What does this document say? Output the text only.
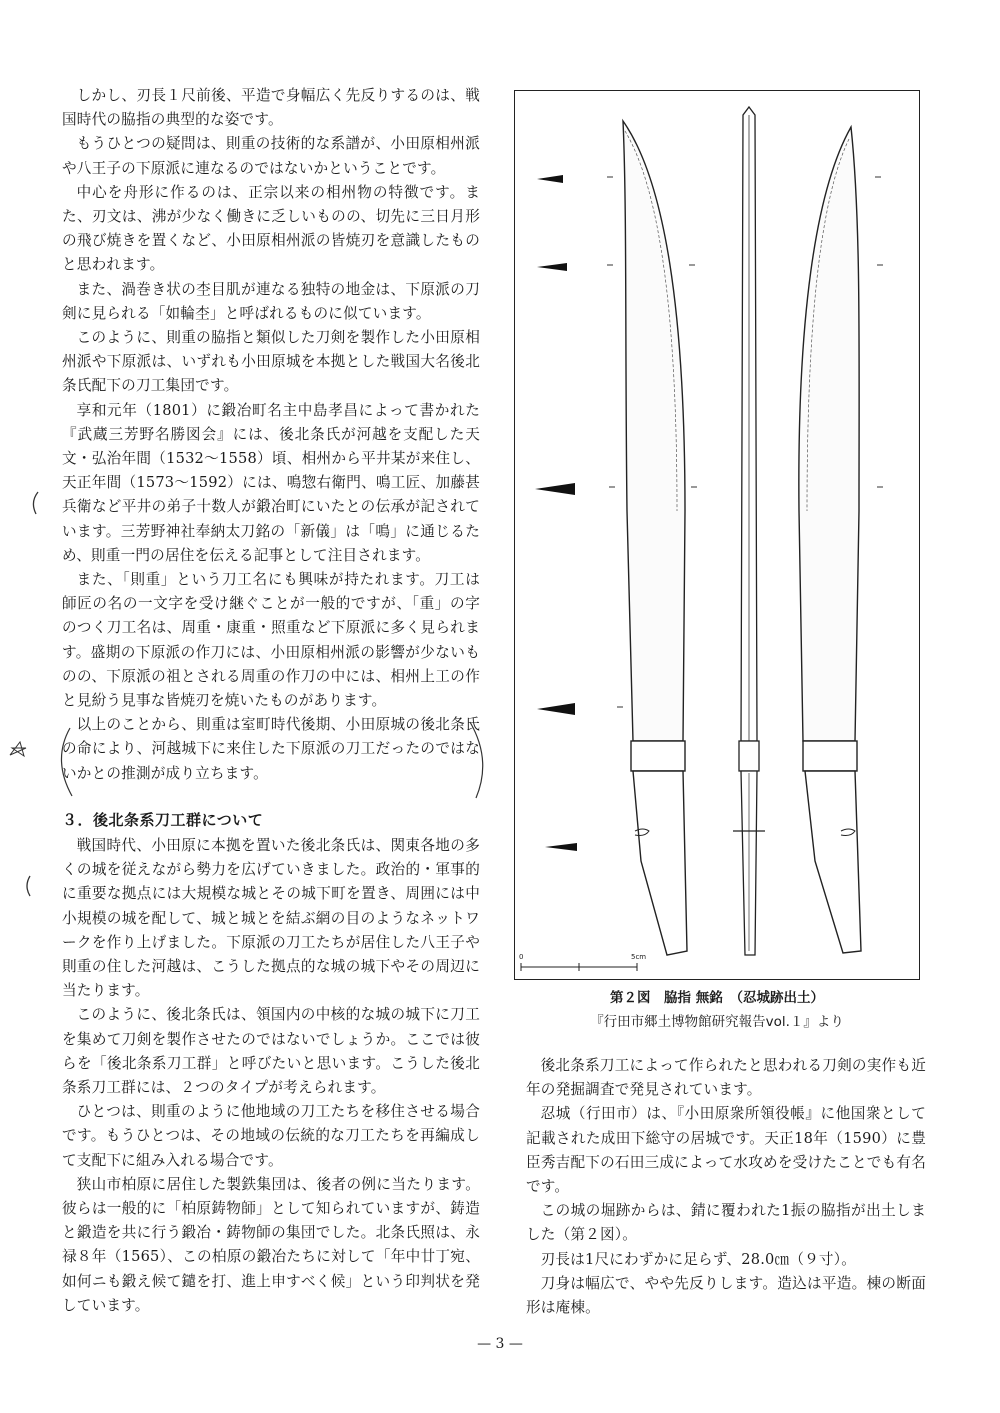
しかし、刃長１尺前後、平造で身幅広く先反りするのは、戦国時代の脇指の典型的な姿です。

もうひとつの疑問は、則重の技術的な系譜が、小田原相州派や八王子の下原派に連なるのではないかということです。

中心を舟形に作るのは、正宗以来の相州物の特徴です。また、刃文は、沸が少なく働きに乏しいものの、切先に三日月形の飛び焼きを置くなど、小田原相州派の皆焼刃を意識したものと思われます。

また、渦巻き状の杢目肌が連なる独特の地金は、下原派の刀剣に見られる「如輪杢」と呼ばれるものに似ています。

このように、則重の脇指と類似した刀剣を製作した小田原相州派や下原派は、いずれも小田原城を本拠とした戦国大名後北条氏配下の刀工集団です。

享和元年（1801）に鍛冶町名主中島孝昌によって書かれた『武蔵三芳野名勝図会』には、後北条氏が河越を支配した天文・弘治年間（1532～1558）頃、相州から平井某が来住し、天正年間（1573～1592）には、鳴惣右衛門、鳴工匠、加藤甚兵衛など平井の弟子十数人が鍛冶町にいたとの伝承が記されています。三芳野神社奉納太刀銘の「新儀」は「鳴」に通じるため、則重一門の居住を伝える記事として注目されます。

また、「則重」という刀工名にも興味が持たれます。刀工は師匠の名の一文字を受け継ぐことが一般的ですが、「重」の字のつく刀工名は、周重・康重・照重など下原派に多く見られます。盛期の下原派の作刀には、小田原相州派の影響が少ないものの、下原派の祖とされる周重の作刀の中には、相州上工の作と見紛う見事な皆焼刃を焼いたものがあります。

以上のことから、則重は室町時代後期、小田原城の後北条氏の命により、河越城下に来住した下原派の刀工だったのではないかとの推測が成り立ちます。

３．後北条系刀工群について

戦国時代、小田原に本拠を置いた後北条氏は、関東各地の多くの城を従えながら勢力を広げていきました。政治的・軍事的に重要な拠点には大規模な城とその城下町を置き、周囲には中小規模の城を配して、城と城とを結ぶ網の目のようなネットワークを作り上げました。下原派の刀工たちが居住した八王子や則重の住した河越は、こうした拠点的な城の城下やその周辺に当たります。

このように、後北条氏は、領国内の中核的な城の城下に刀工を集めて刀剣を製作させたのではないでしょうか。ここでは彼らを「後北条系刀工群」と呼びたいと思います。こうした後北条系刀工群には、２つのタイプが考えられます。

ひとつは、則重のように他地域の刀工たちを移住させる場合です。もうひとつは、その地域の伝統的な刀工たちを再編成して支配下に組み入れる場合です。

狭山市柏原に居住した製鉄集団は、後者の例に当たります。彼らは一般的に「柏原鋳物師」として知られていますが、鋳造と鍛造を共に行う鍛冶・鋳物師の集団でした。北条氏照は、永禄８年（1565）、この柏原の鍛冶たちに対して「年中廿丁宛、如何ニも鍛え候て鑓を打、進上申すべく候」という印判状を発しています。

0	5cm
第２図　脇指 無銘　（忍城跡出土）
『行田市郷土博物館研究報告vol.１』より

後北条系刀工によって作られたと思われる刀剣の実作も近年の発掘調査で発見されています。

忍城（行田市）は、『小田原衆所領役帳』に他国衆として記載された成田下総守の居城です。天正18年（1590）に豊臣秀吉配下の石田三成によって水攻めを受けたことでも有名です。

この城の堀跡からは、錆に覆われた1振の脇指が出土しました（第２図）。

刃長は1尺にわずかに足らず、28.0㎝（９寸）。

刀身は幅広で、やや先反りします。造込は平造。棟の断面形は庵棟。

— 3 —
